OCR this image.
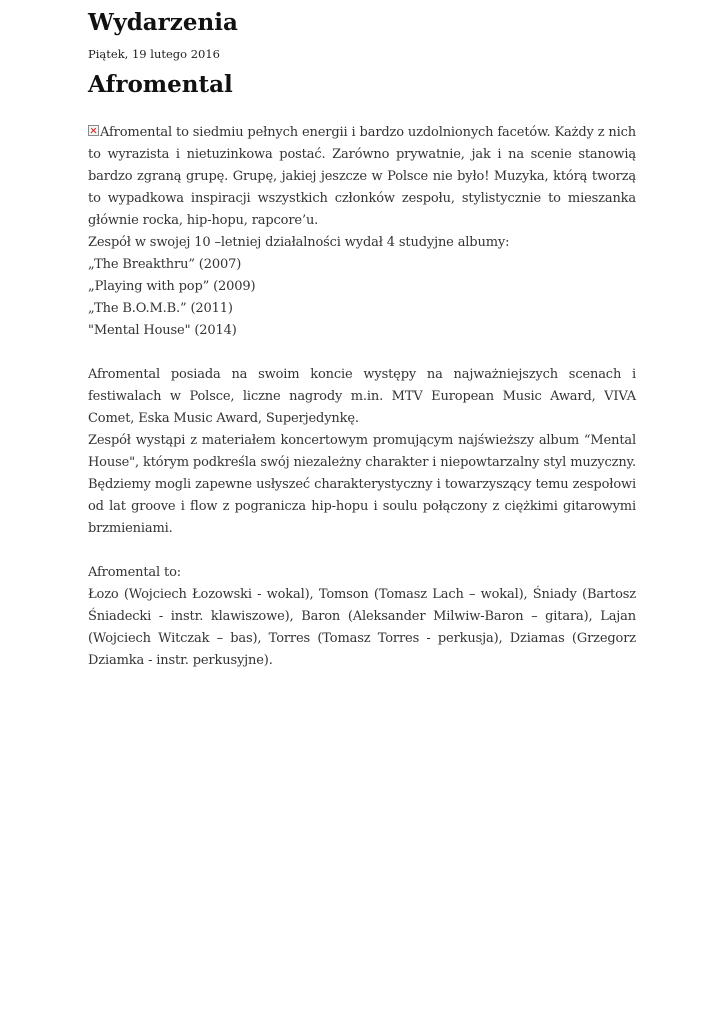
Wydarzenia
Piątek, 19 lutego 2016
Afromental

Afromental to siedmiu pełnych energii i bardzo uzdolnionych facetów. Każdy z nich to wyrazista i nietuzinkowa postać. Zarówno prywatnie, jak i na scenie stanowią bardzo zgraną grupę. Grupę, jakiej jeszcze w Polsce nie było! Muzyka, którą tworzą to wypadkowa inspiracji wszystkich członków zespołu, stylistycznie to mieszanka głównie rocka, hip-hopu, rapcore’u.

Zespół w swojej 10 –letniej działalności wydał 4 studyjne albumy:
„The Breakthru” (2007)
„Playing with pop” (2009)
„The B.O.M.B.” (2011)
"Mental House" (2014)

Afromental posiada na swoim koncie występy na najważniejszych scenach i festiwalach w Polsce, liczne nagrody m.in. MTV European Music Award, VIVA Comet, Eska Music Award, Superjedynkę.

Zespół wystąpi z materiałem koncertowym promującym najświeższy album “Mental House", którym podkreśla swój niezależny charakter i niepowtarzalny styl muzyczny. Będziemy mogli zapewne usłyszeć charakterystyczny i towarzyszący temu zespołowi od lat groove i flow z pogranicza hip-hopu i soulu połączony z ciężkimi gitarowymi brzmieniami.

Afromental to:

Łozo (Wojciech Łozowski - wokal), Tomson (Tomasz Lach – wokal), Śniady (Bartosz Śniadecki - instr. klawiszowe), Baron (Aleksander Milwiw-Baron – gitara), Lajan (Wojciech Witczak – bas), Torres (Tomasz Torres - perkusja), Dziamas (Grzegorz Dziamka - instr. perkusyjne).
